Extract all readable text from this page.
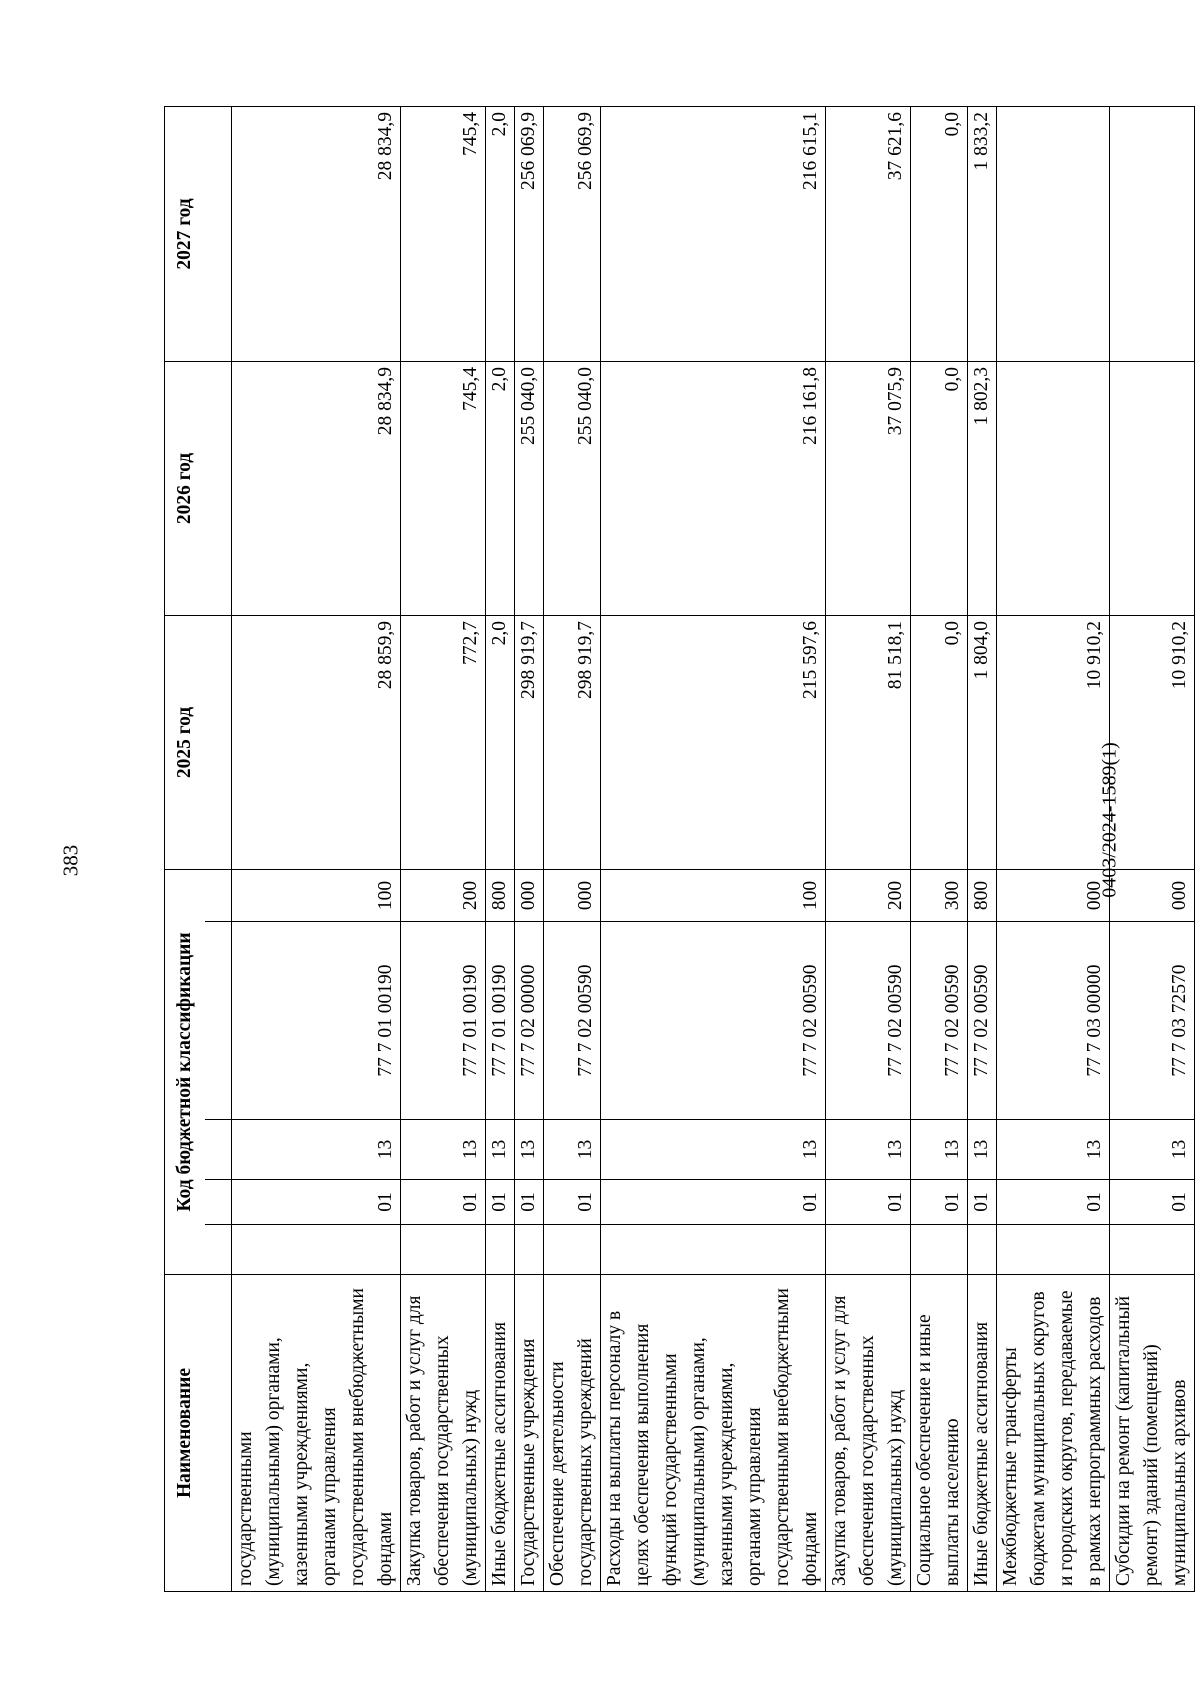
383	0403/2024-1589(1)
Наименование	Код бюджетной классификации					2025 год	2026 год	2027 год

государственными (муниципальными) органами, казенными учреждениями, органами управления государственными внебюджетными фондами		01	13	77 7 01 00190	100	28 859,9	28 834,9	28 834,9
Закупка товаров, работ и услуг для обеспечения государственных (муниципальных) нужд		01	13	77 7 01 00190	200	772,7	745,4	745,4
Иные бюджетные ассигнования		01	13	77 7 01 00190	800	2,0	2,0	2,0
Государственные учреждения		01	13	77 7 02 00000	000	298 919,7	255 040,0	256 069,9
Обеспечение деятельности государственных учреждений		01	13	77 7 02 00590	000	298 919,7	255 040,0	256 069,9
Расходы на выплаты персоналу в целях обеспечения выполнения функций государственными (муниципальными) органами, казенными учреждениями, органами управления государственными внебюджетными фондами		01	13	77 7 02 00590	100	215 597,6	216 161,8	216 615,1
Закупка товаров, работ и услуг для обеспечения государственных (муниципальных) нужд		01	13	77 7 02 00590	200	81 518,1	37 075,9	37 621,6
Социальное обеспечение и иные выплаты населению		01	13	77 7 02 00590	300	0,0	0,0	0,0
Иные бюджетные ассигнования		01	13	77 7 02 00590	800	1 804,0	1 802,3	1 833,2
Межбюджетные трансферты бюджетам муниципальных округов и городских округов, передаваемые в рамках непрограммных расходов		01	13	77 7 03 00000	000	10 910,2		
Субсидии на ремонт (капитальный ремонт) зданий (помещений) муниципальных архивов		01	13	77 7 03 72570	000	10 910,2		
